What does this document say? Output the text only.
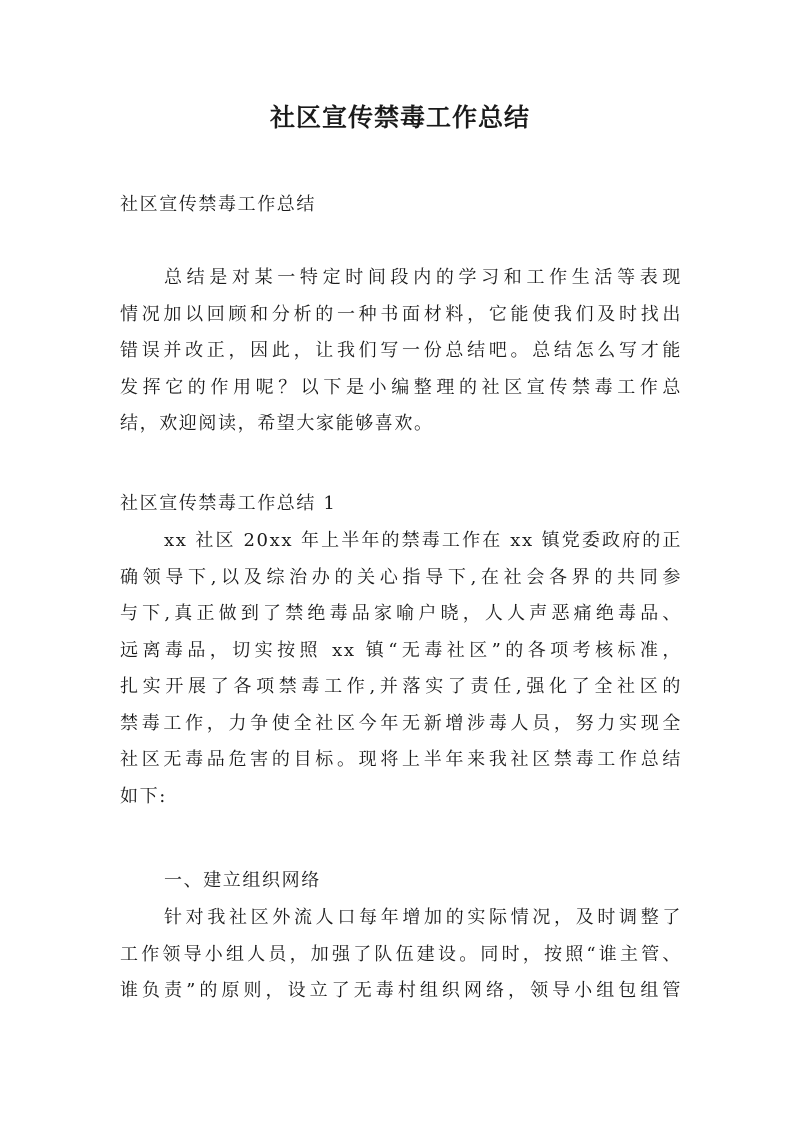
社区宣传禁毒工作总结
社区宣传禁毒工作总结
总结是对某一特定时间段内的学习和工作生活等表现
情况加以回顾和分析的一种书面材料，它能使我们及时找出
错误并改正，因此，让我们写一份总结吧。总结怎么写才能
发挥它的作用呢？以下是小编整理的社区宣传禁毒工作总
结，欢迎阅读，希望大家能够喜欢。
社区宣传禁毒工作总结 1
xx 社区 20xx 年上半年的禁毒工作在 xx 镇党委政府的正
确领导下,以及综治办的关心指导下,在社会各界的共同参
与下,真正做到了禁绝毒品家喻户晓，人人声恶痛绝毒品、
远离毒品，切实按照 xx 镇“无毒社区”的各项考核标准，
扎实开展了各项禁毒工作,并落实了责任,强化了全社区的
禁毒工作，力争使全社区今年无新增涉毒人员，努力实现全
社区无毒品危害的目标。现将上半年来我社区禁毒工作总结
如下:
一、建立组织网络
针对我社区外流人口每年增加的实际情况，及时调整了
工作领导小组人员，加强了队伍建设。同时，按照“谁主管、
谁负责”的原则，设立了无毒村组织网络，领导小组包组管
